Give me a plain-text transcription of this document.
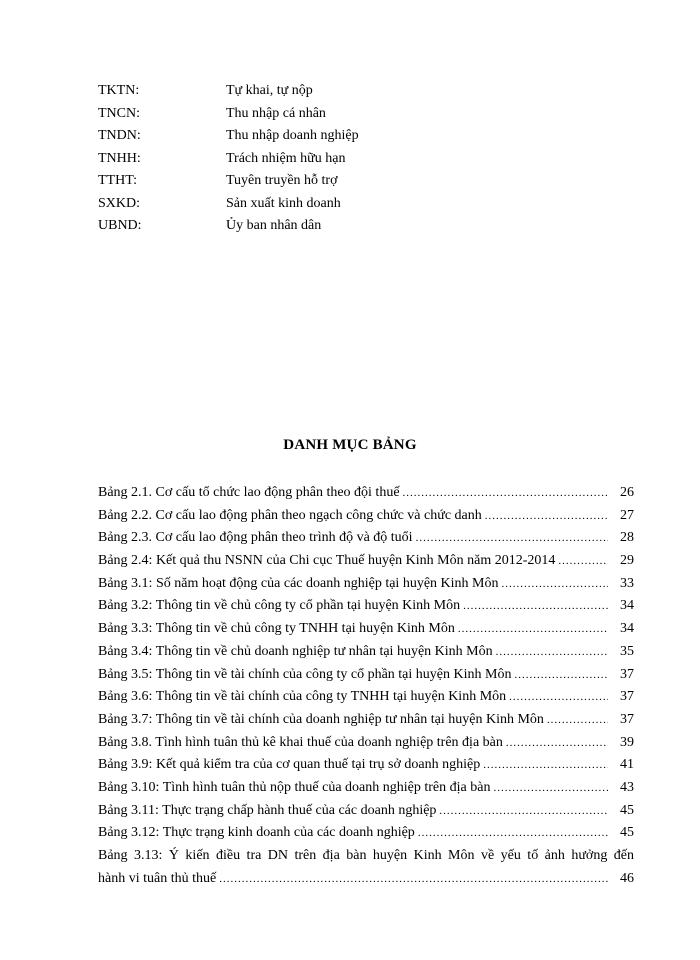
TKTN:	Tự khai, tự nộp
TNCN:	Thu nhập cá nhân
TNDN:	Thu nhập doanh nghiệp
TNHH:	Trách nhiệm hữu hạn
TTHT:	Tuyên truyền hỗ trợ
SXKD:	Sản xuất kinh doanh
UBND:	Ủy ban nhân dân
DANH MỤC BẢNG
Bảng 2.1. Cơ cấu tổ chức lao động phân theo đội thuế .....	26
Bảng 2.2. Cơ cấu lao động phân theo ngạch công chức và chức danh .....	27
Bảng 2.3. Cơ cấu lao động phân theo trình độ và độ tuổi .....	28
Bảng 2.4: Kết quả thu NSNN của Chi cục Thuế huyện Kinh Môn năm 2012-2014 .....	29
Bảng 3.1: Số năm hoạt động của các doanh nghiệp tại huyện Kinh Môn .....	33
Bảng 3.2: Thông tin về chủ công ty cổ phần tại huyện Kinh Môn .....	34
Bảng 3.3: Thông tin về chủ công ty TNHH tại huyện Kinh Môn .....	34
Bảng 3.4: Thông tin về chủ doanh nghiệp tư nhân tại huyện Kinh Môn .....	35
Bảng 3.5: Thông tin về tài chính của công ty cổ phần tại huyện Kinh Môn .....	37
Bảng 3.6: Thông tin về tài chính của công ty TNHH tại huyện Kinh Môn .....	37
Bảng 3.7: Thông tin về tài chính của doanh nghiệp tư nhân tại huyện Kinh Môn .....	37
Bảng 3.8. Tình hình tuân thủ kê khai thuế của doanh nghiệp trên địa bàn .....	39
Bảng 3.9: Kết quả kiểm tra của cơ quan thuế tại trụ sở doanh nghiệp .....	41
Bảng 3.10: Tình hình tuân thủ nộp thuế của doanh nghiệp trên địa bàn .....	43
Bảng 3.11: Thực trạng chấp hành thuế của các doanh nghiệp .....	45
Bảng 3.12: Thực trạng kinh doanh của các doanh nghiệp .....	45
Bảng 3.13: Ý kiến điều tra DN trên địa bàn huyện Kinh Môn về yếu tố ảnh hưởng đến
hành vi tuân thủ thuế .....	46
